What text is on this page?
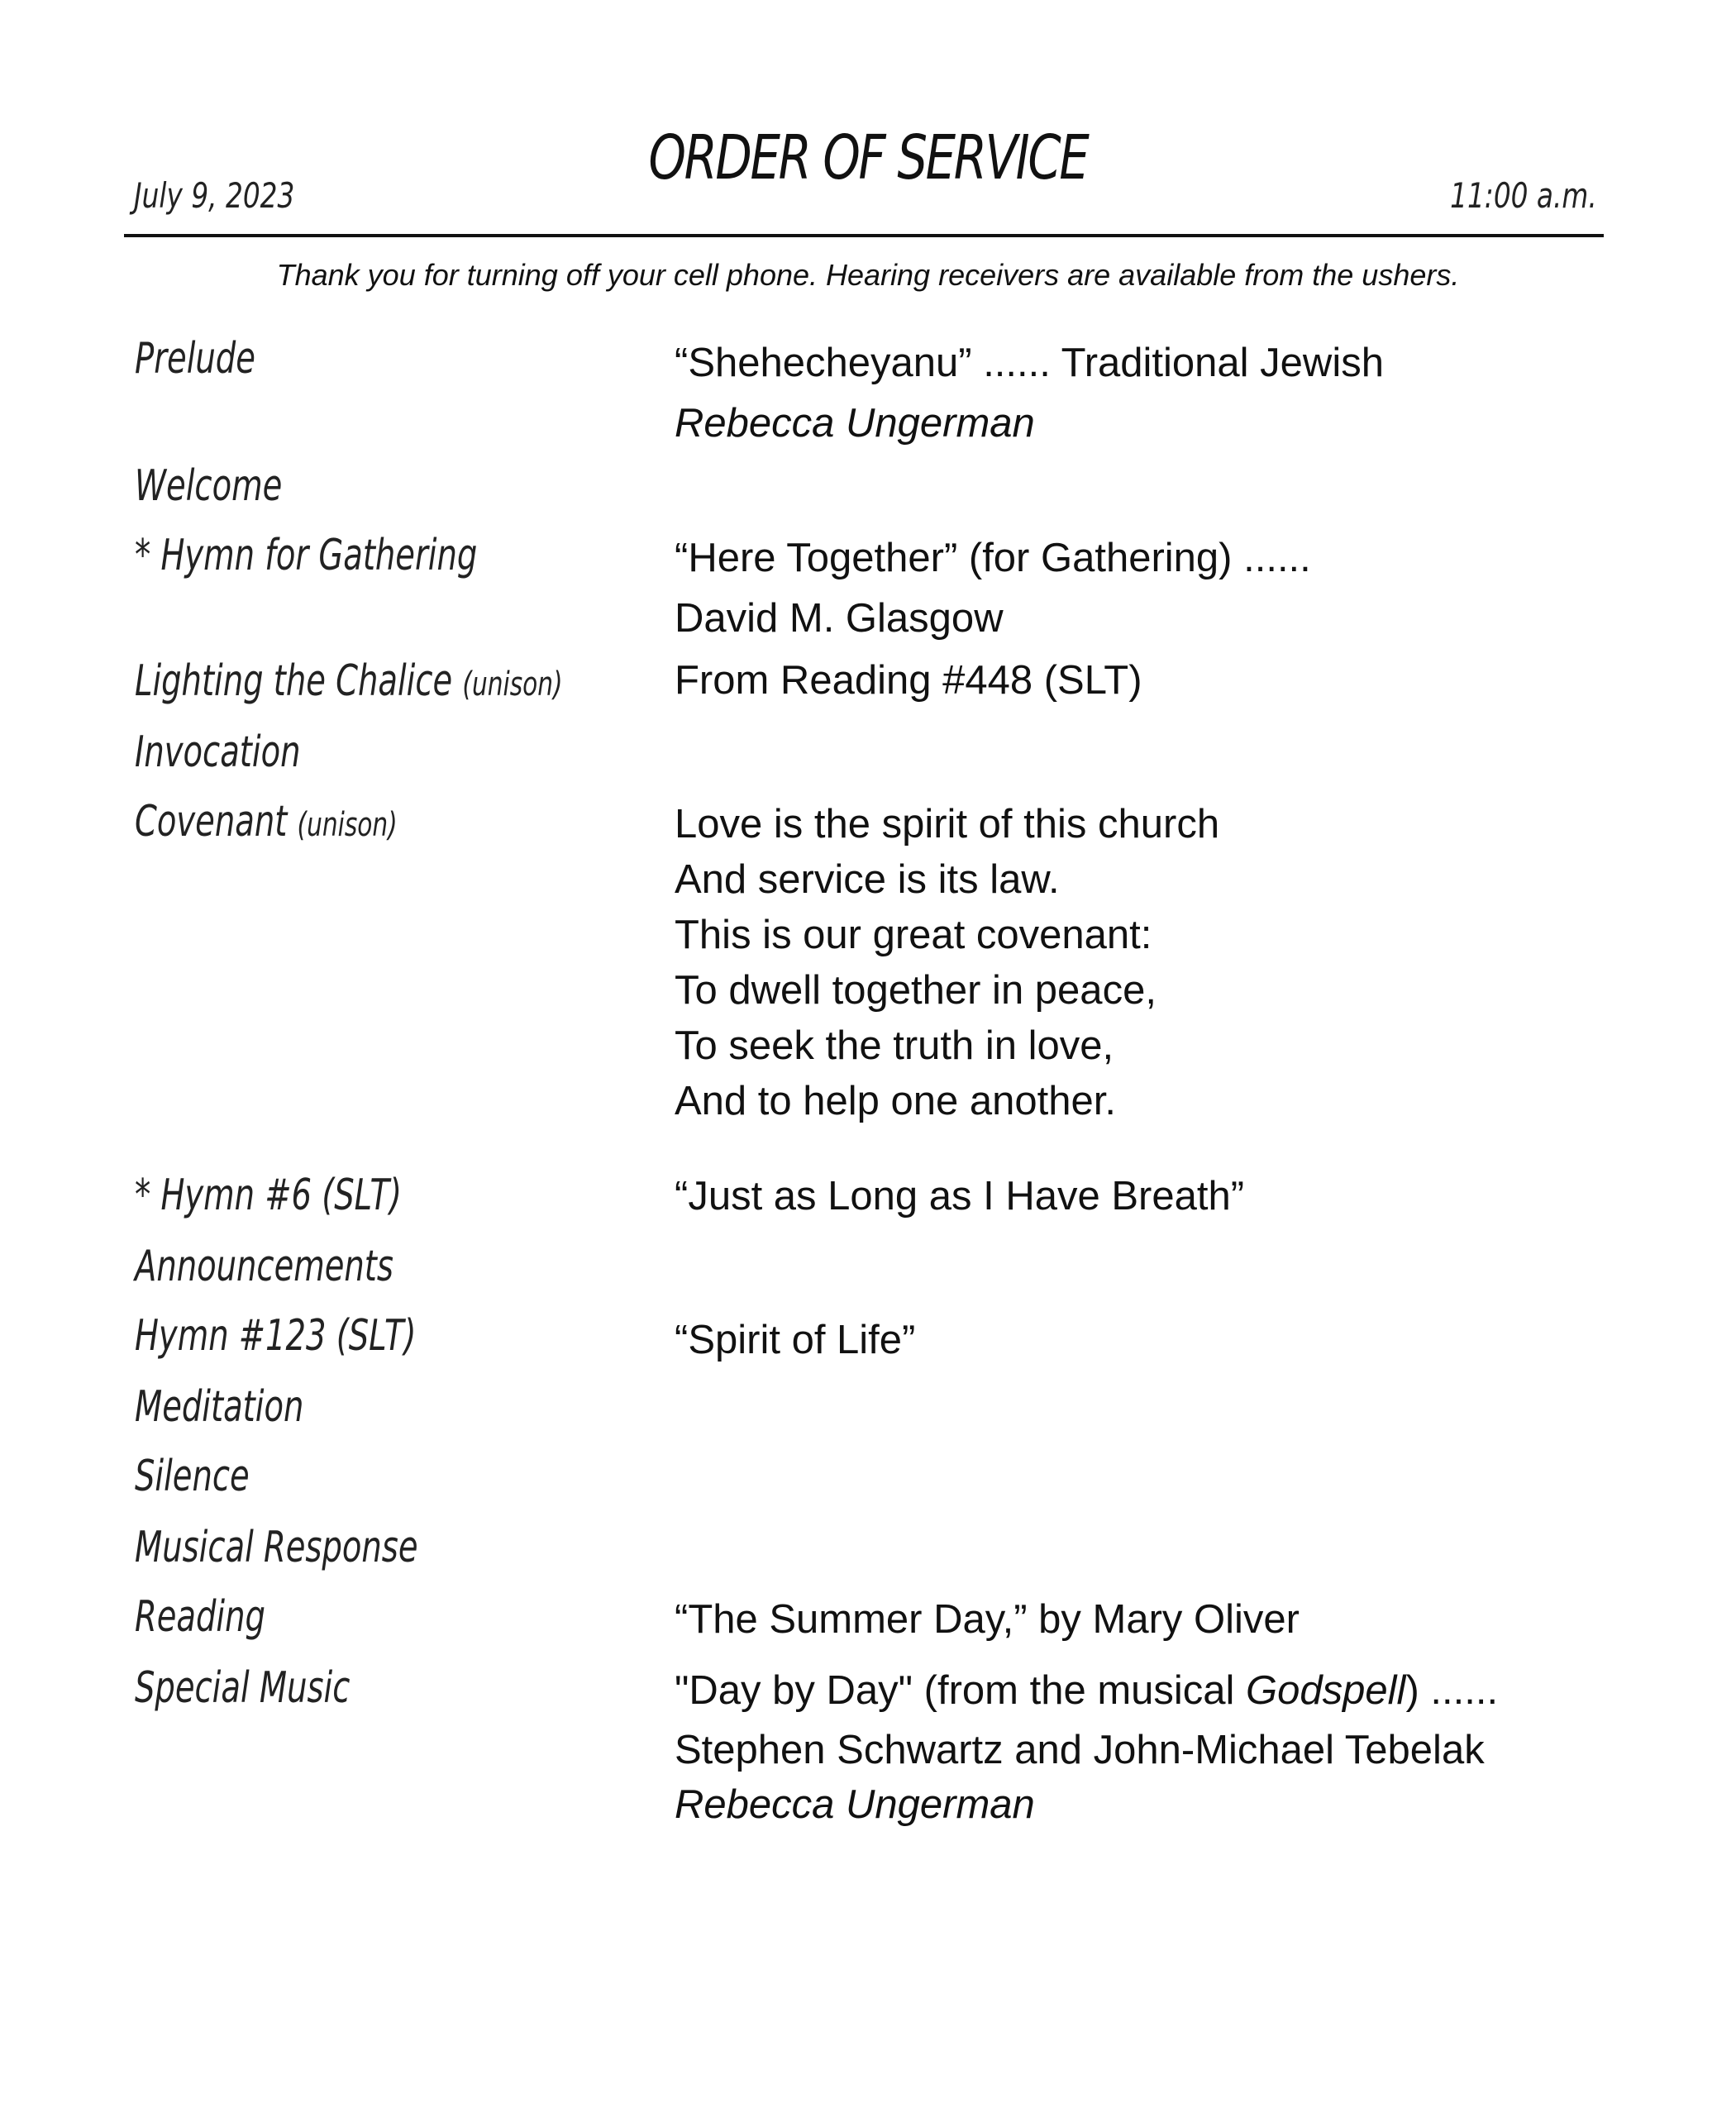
ORDER OF SERVICE
July 9, 2023	11:00 a.m.
Thank you for turning off your cell phone. Hearing receivers are available from the ushers.
Prelude	“Shehecheyanu” ...... Traditional Jewish
Rebecca Ungerman
Welcome
* Hymn for Gathering	“Here Together” (for Gathering) ......
David M. Glasgow
Lighting the Chalice (unison)	From Reading #448 (SLT)
Invocation
Covenant (unison)	Love is the spirit of this church
And service is its law.
This is our great covenant:
To dwell together in peace,
To seek the truth in love,
And to help one another.
* Hymn #6 (SLT)	“Just as Long as I Have Breath”
Announcements
Hymn #123 (SLT)	“Spirit of Life”
Meditation
Silence
Musical Response
Reading	“The Summer Day,” by Mary Oliver
Special Music	"Day by Day" (from the musical Godspell) ......
Stephen Schwartz and John-Michael Tebelak
Rebecca Ungerman
